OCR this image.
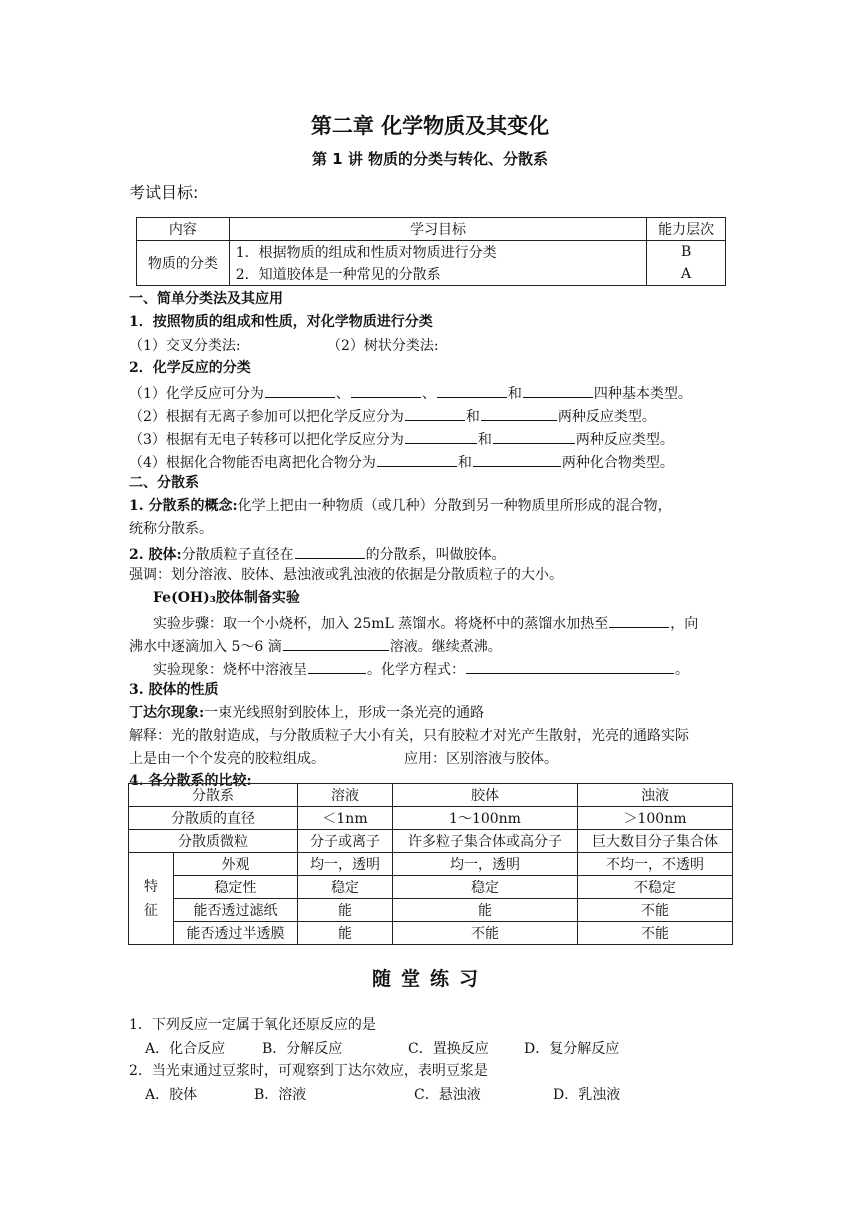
第二章 化学物质及其变化
第 1 讲 物质的分类与转化、分散系
考试目标:
内容	学习目标	能力层次
物质的分类	1．根据物质的组成和性质对物质进行分类	B
	2．知道胶体是一种常见的分散系	A
一、简单分类法及其应用
1．按照物质的组成和性质，对化学物质进行分类
（1）交叉分类法:	（2）树状分类法:
2．化学反应的分类
（1）化学反应可分为	、	、	和	四种基本类型。
（2）根据有无离子参加可以把化学反应分为	和	两种反应类型。
（3）根据有无电子转移可以把化学反应分为	和	两种反应类型。
（4）根据化合物能否电离把化合物分为	和	两种化合物类型。
二、分散系
1. 分散系的概念:化学上把由一种物质（或几种）分散到另一种物质里所形成的混合物，
统称分散系。
2. 胶体:分散质粒子直径在	的分散系，叫做胶体。
强调：划分溶液、胶体、悬浊液或乳浊液的依据是分散质粒子的大小。
Fe(OH)₃胶体制备实验
实验步骤：取一个小烧杯，加入 25mL 蒸馏水。将烧杯中的蒸馏水加热至	，向
沸水中逐滴加入 5～6 滴	溶液。继续煮沸。
实验现象：烧杯中溶液呈	。化学方程式：	。
3. 胶体的性质
丁达尔现象:一束光线照射到胶体上，形成一条光亮的通路
解释：光的散射造成，与分散质粒子大小有关，只有胶粒才对光产生散射，光亮的通路实际
上是由一个个发亮的胶粒组成。	应用：区别溶液与胶体。
4. 各分散系的比较:
分散系		溶液	胶体	浊液
分散质的直径		＜1nm	1～100nm	＞100nm
分散质微粒		分子或离子	许多粒子集合体或高分子	巨大数目分子集合体

特
征	外观	均一，透明	均一，透明	不均一，不透明
	稳定性	稳定	稳定	不稳定
	能否透过滤纸	能	能	不能
	能否透过半透膜	能	不能	不能
随堂练习
1．下列反应一定属于氧化还原反应的是
A．化合反应	B．分解反应	C．置换反应	D．复分解反应
2．当光束通过豆浆时，可观察到丁达尔效应，表明豆浆是
A．胶体	B．溶液	C．悬浊液	D．乳浊液
